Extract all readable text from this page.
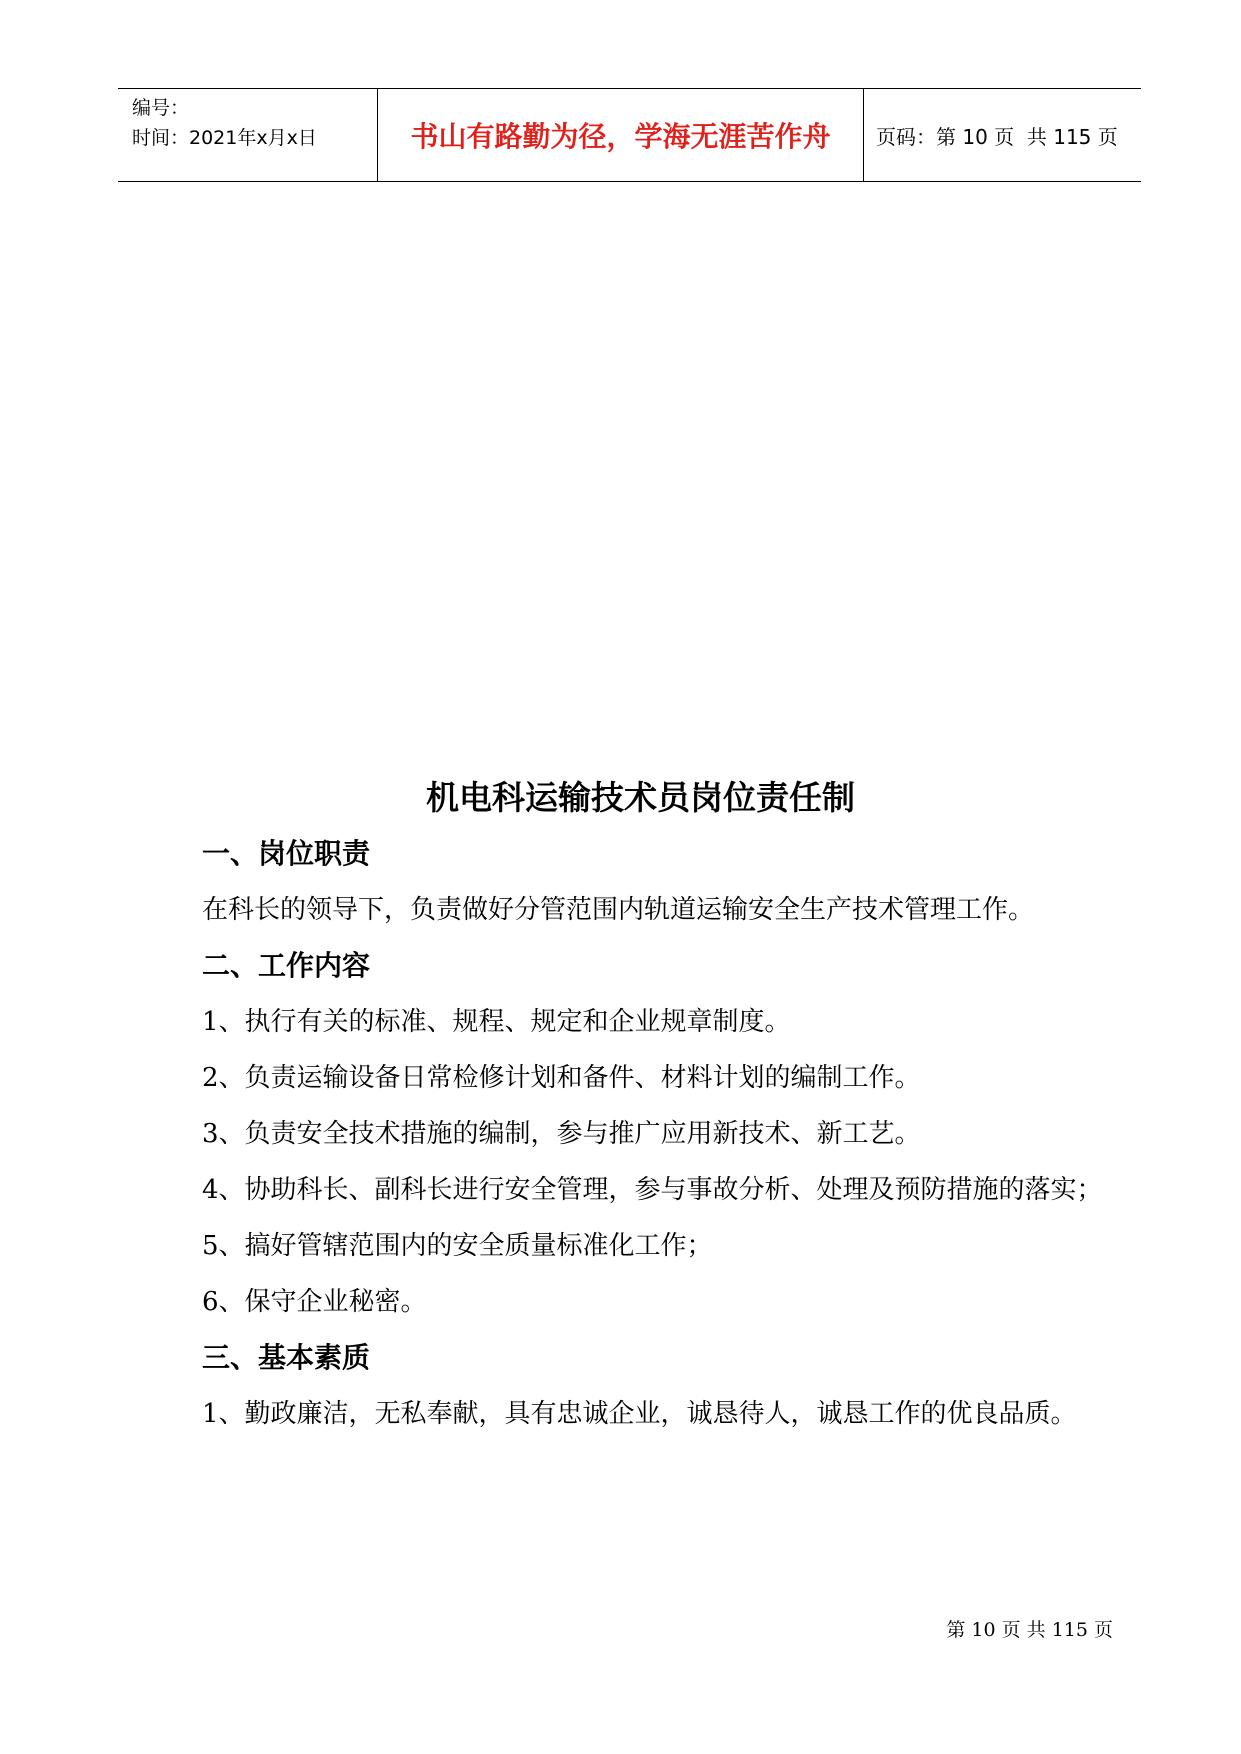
编号：
时间：2021年x月x日	书山有路勤为径，学海无涯苦作舟	页码：第 10 页  共 115 页
机电科运输技术员岗位责任制
一、岗位职责

在科长的领导下，负责做好分管范围内轨道运输安全生产技术管理工作。

二、工作内容

1、执行有关的标准、规程、规定和企业规章制度。

2、负责运输设备日常检修计划和备件、材料计划的编制工作。

3、负责安全技术措施的编制，参与推广应用新技术、新工艺。

4、协助科长、副科长进行安全管理，参与事故分析、处理及预防措施的落实；

5、搞好管辖范围内的安全质量标准化工作；

6、保守企业秘密。

三、基本素质

1、勤政廉洁，无私奉献，具有忠诚企业，诚恳待人，诚恳工作的优良品质。

第 10 页 共 115 页
